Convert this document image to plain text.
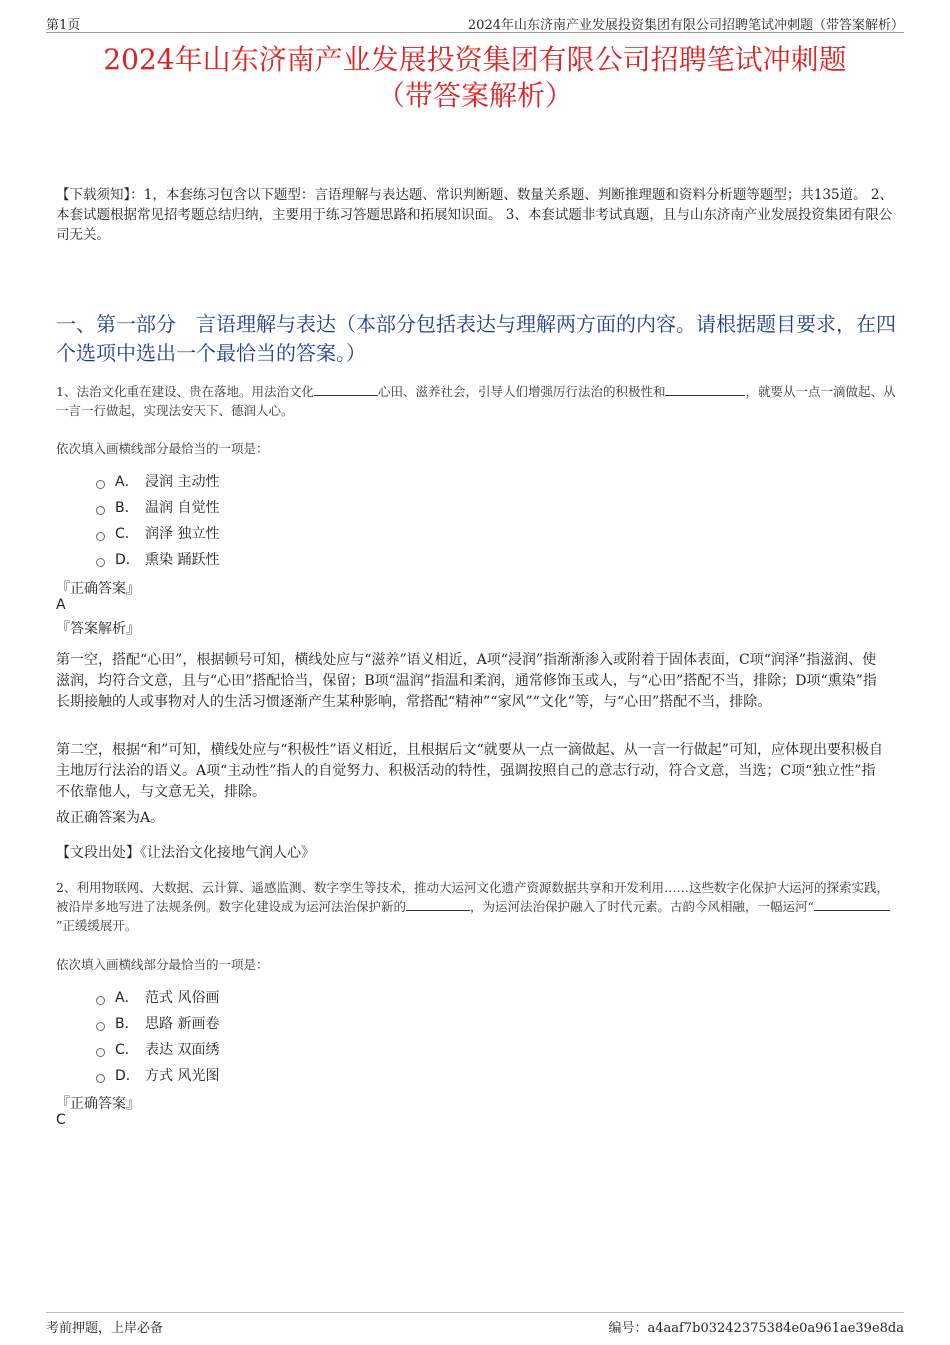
第1页	2024年山东济南产业发展投资集团有限公司招聘笔试冲刺题（带答案解析）
2024年山东济南产业发展投资集团有限公司招聘笔试冲刺题
（带答案解析）
【下载须知】：1，本套练习包含以下题型：言语理解与表达题、常识判断题、数量关系题、判断推理题和资料分析题等题型；共135道。 2、本套试题根据常见招考题总结归纳，主要用于练习答题思路和拓展知识面。 3、本套试题非考试真题，且与山东济南产业发展投资集团有限公司无关。
一、第一部分　言语理解与表达（本部分包括表达与理解两方面的内容。请根据题目要求，在四个选项中选出一个最恰当的答案。）
1、法治文化重在建设、贵在落地。用法治文化	心田、滋养社会，引导人们增强厉行法治的积极性和	，就要从一点一滴做起、从一言一行做起，实现法安天下、德润人心。
依次填入画横线部分最恰当的一项是：
A． 浸润 主动性
B． 温润 自觉性
C． 润泽 独立性
D． 熏染 踊跃性
『正确答案』
A
『答案解析』
第一空，搭配“心田”，根据顿号可知，横线处应与“滋养”语义相近，A项“浸润”指渐渐渗入或附着于固体表面，C项“润泽”指滋润、使滋润，均符合文意，且与“心田”搭配恰当，保留；B项“温润”指温和柔润，通常修饰玉或人，与“心田”搭配不当，排除；D项“熏染”指长期接触的人或事物对人的生活习惯逐渐产生某种影响，常搭配“精神”“家风”“文化”等，与“心田”搭配不当，排除。
第二空，根据“和”可知，横线处应与“积极性”语义相近，且根据后文“就要从一点一滴做起、从一言一行做起”可知，应体现出要积极自主地厉行法治的语义。A项“主动性”指人的自觉努力、积极活动的特性，强调按照自己的意志行动，符合文意，当选；C项“独立性”指不依靠他人，与文意无关，排除。
故正确答案为A。
【文段出处】《让法治文化接地气润人心》
2、利用物联网、大数据、云计算、遥感监测、数字孪生等技术，推动大运河文化遗产资源数据共享和开发利用……这些数字化保护大运河的探索实践，被沿岸多地写进了法规条例。数字化建设成为运河法治保护新的	，为运河法治保护融入了时代元素。古韵今风相融，一幅运河“”正缓缓展开。
依次填入画横线部分最恰当的一项是：
A． 范式 风俗画
B． 思路 新画卷
C． 表达 双面绣
D． 方式 风光图
『正确答案』
C
考前押题，上岸必备	编号：a4aaf7b03242375384e0a961ae39e8da
